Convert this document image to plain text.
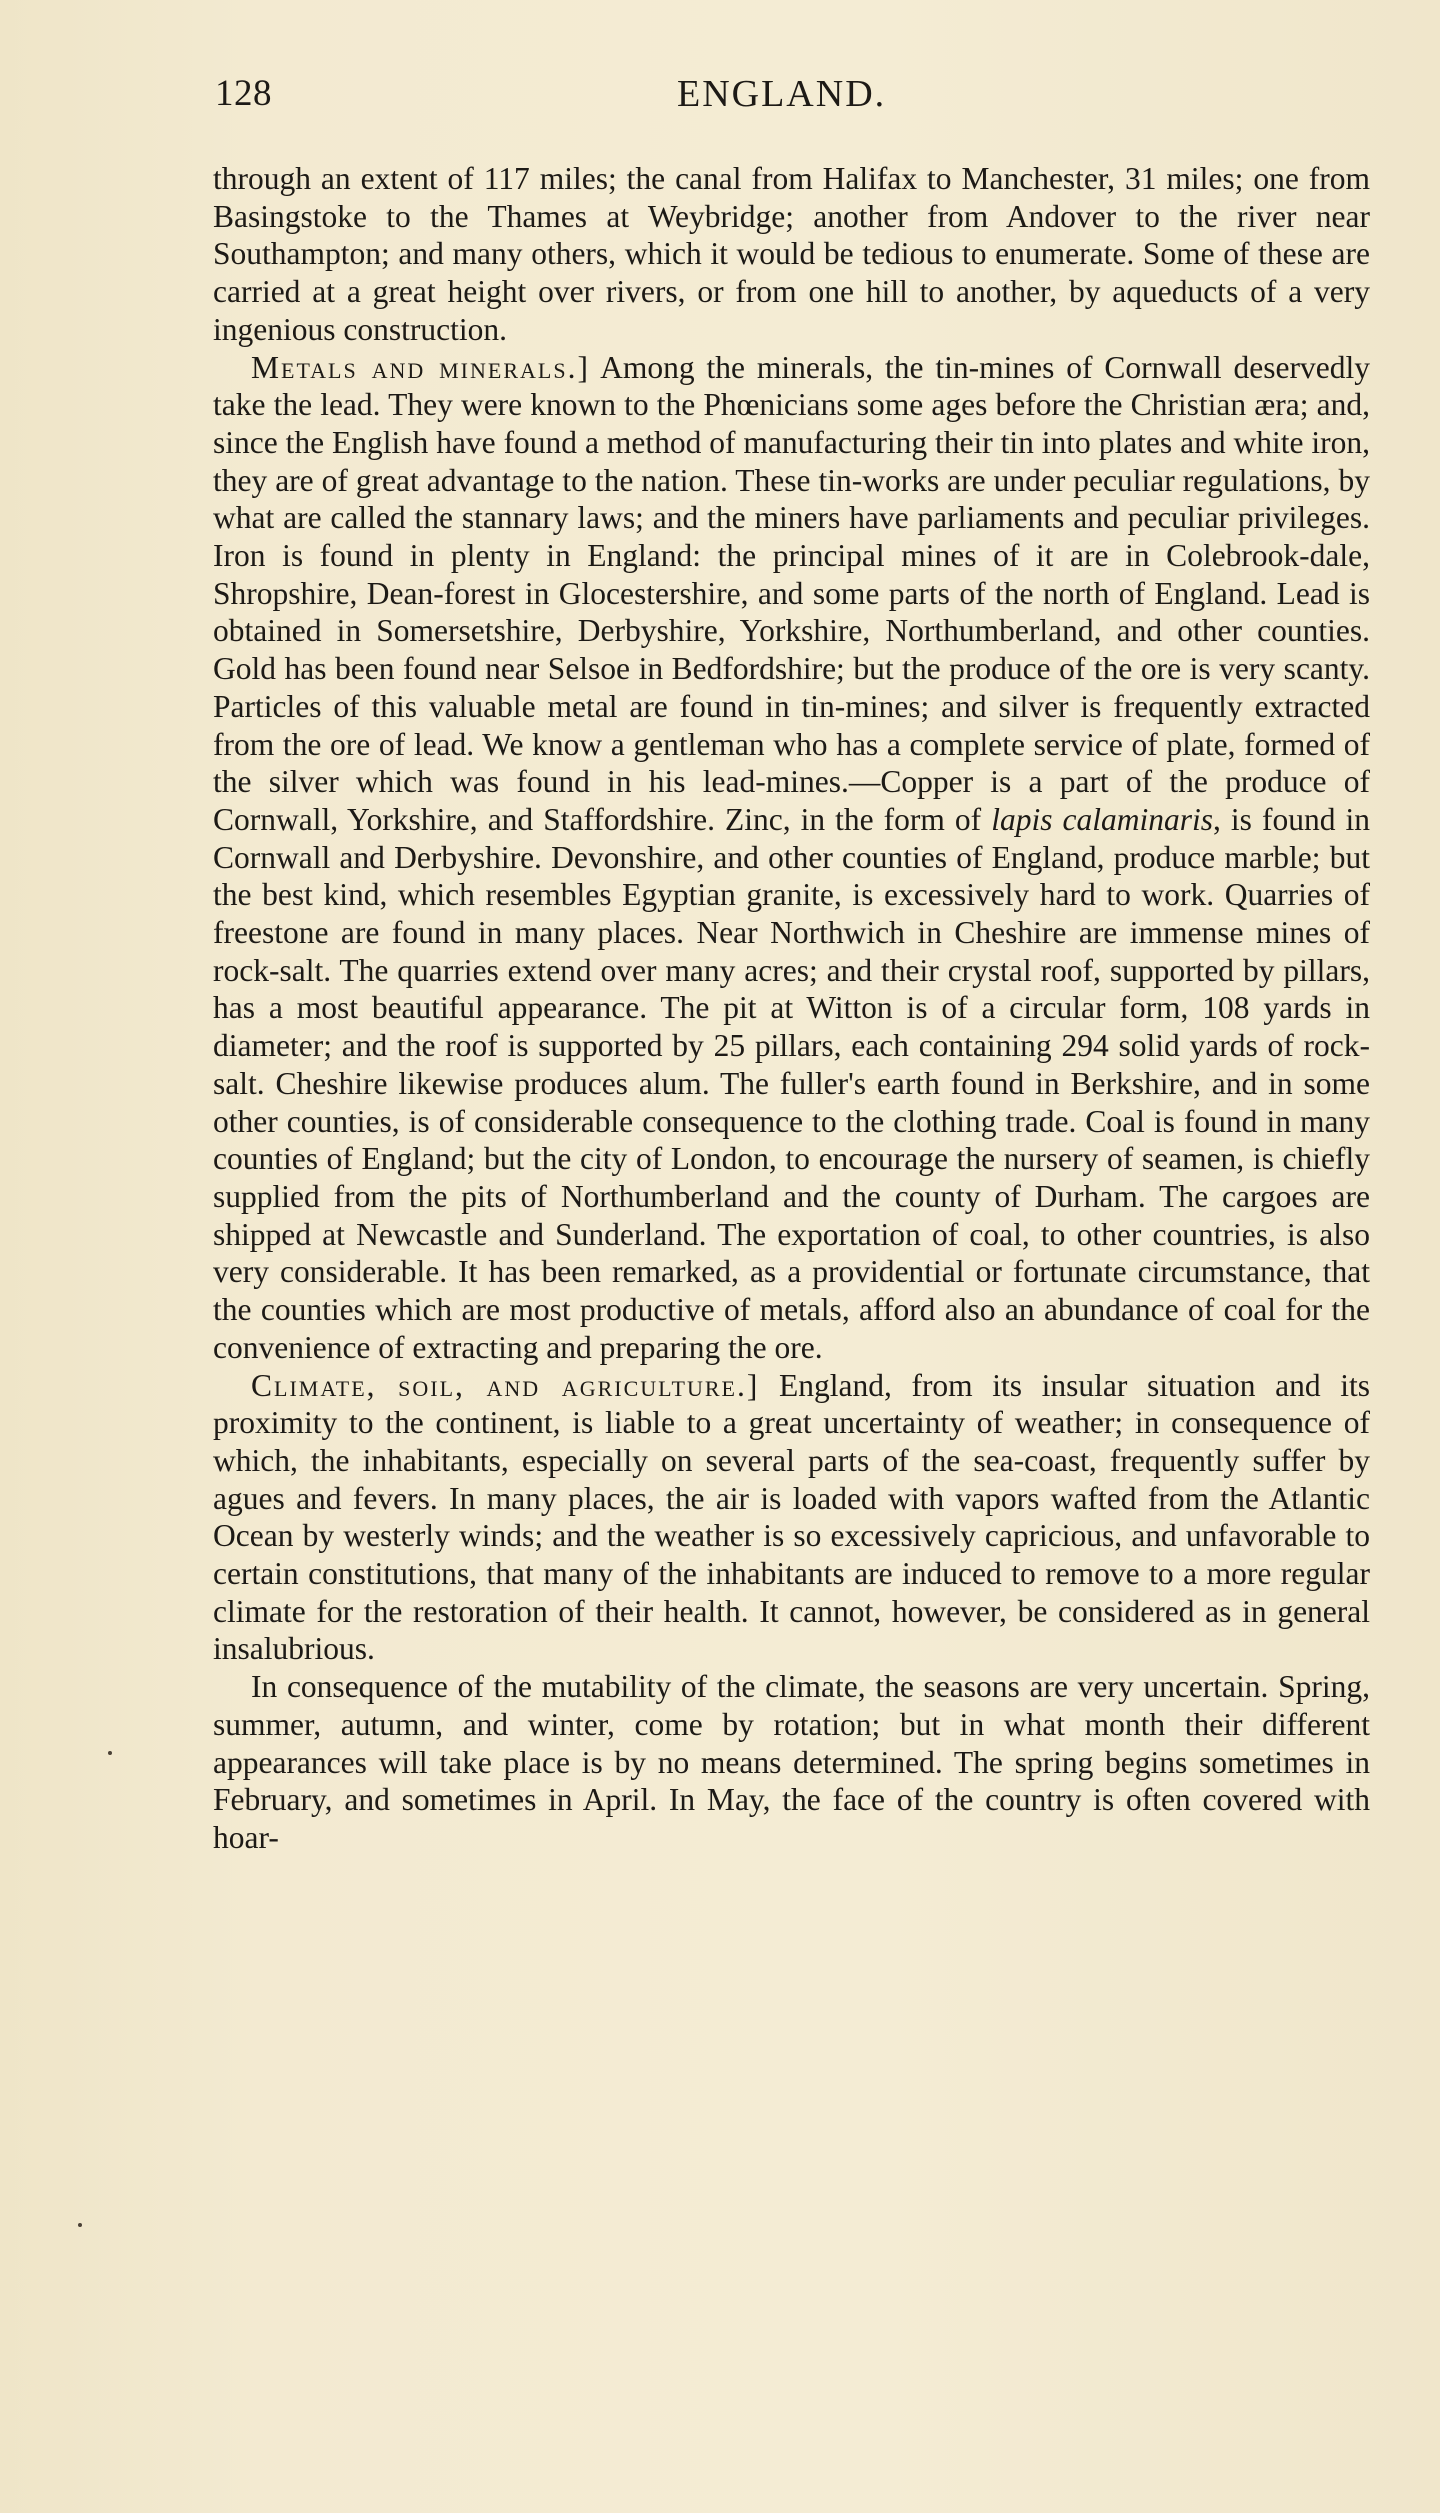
128	ENGLAND.

through an extent of 117 miles; the canal from Halifax to Manchester, 31 miles; one from Basingstoke to the Thames at Weybridge; another from Andover to the river near Southampton; and many others, which it would be tedious to enumerate. Some of these are carried at a great height over rivers, or from one hill to another, by aqueducts of a very ingenious construction.

Metals and minerals.] Among the minerals, the tin-mines of Cornwall deservedly take the lead. They were known to the Phœnicians some ages before the Christian æra; and, since the English have found a method of manufacturing their tin into plates and white iron, they are of great advantage to the nation. These tin-works are under peculiar regulations, by what are called the stannary laws; and the miners have parliaments and peculiar privileges. Iron is found in plenty in England: the principal mines of it are in Colebrook-dale, Shropshire, Dean-forest in Glocestershire, and some parts of the north of England. Lead is obtained in Somersetshire, Derbyshire, Yorkshire, Northumberland, and other counties. Gold has been found near Selsoe in Bedfordshire; but the produce of the ore is very scanty. Particles of this valuable metal are found in tin-mines; and silver is frequently extracted from the ore of lead. We know a gentleman who has a complete service of plate, formed of the silver which was found in his lead-mines.—Copper is a part of the produce of Cornwall, Yorkshire, and Staffordshire. Zinc, in the form of lapis calaminaris, is found in Cornwall and Derbyshire. Devonshire, and other counties of England, produce marble; but the best kind, which resembles Egyptian granite, is excessively hard to work. Quarries of freestone are found in many places. Near Northwich in Cheshire are immense mines of rock-salt. The quarries extend over many acres; and their crystal roof, supported by pillars, has a most beautiful appearance. The pit at Witton is of a circular form, 108 yards in diameter; and the roof is supported by 25 pillars, each containing 294 solid yards of rock-salt. Cheshire likewise produces alum. The fuller's earth found in Berkshire, and in some other counties, is of considerable consequence to the clothing trade. Coal is found in many counties of England; but the city of London, to encourage the nursery of seamen, is chiefly supplied from the pits of Northumberland and the county of Durham. The cargoes are shipped at Newcastle and Sunderland. The exportation of coal, to other countries, is also very considerable. It has been remarked, as a providential or fortunate circumstance, that the counties which are most productive of metals, afford also an abundance of coal for the convenience of extracting and preparing the ore.

Climate, soil, and agriculture.] England, from its insular situation and its proximity to the continent, is liable to a great uncertainty of weather; in consequence of which, the inhabitants, especially on several parts of the sea-coast, frequently suffer by agues and fevers. In many places, the air is loaded with vapors wafted from the Atlantic Ocean by westerly winds; and the weather is so excessively capricious, and unfavorable to certain constitutions, that many of the inhabitants are induced to remove to a more regular climate for the restoration of their health. It cannot, however, be considered as in general insalubrious.

In consequence of the mutability of the climate, the seasons are very uncertain. Spring, summer, autumn, and winter, come by rotation; but in what month their different appearances will take place is by no means determined. The spring begins sometimes in February, and sometimes in April. In May, the face of the country is often covered with hoar-
